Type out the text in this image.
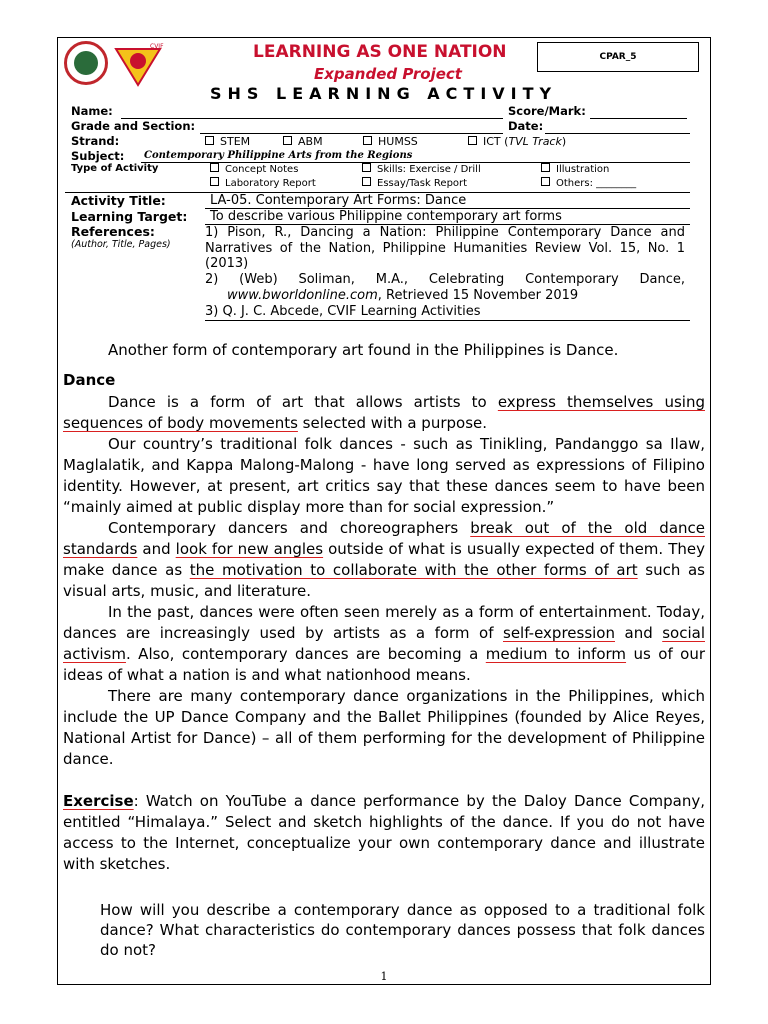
CVIF	LEARNING AS ONE NATION
Expanded Project
CPAR_5
SHS LEARNING ACTIVITY
Name:	Score/Mark:
Grade and Section:	Date:
Strand:	STEM	ABM	HUMSS	ICT (TVL Track)
Subject: Contemporary Philippine Arts from the Regions
Type of Activity	Concept Notes	Skills: Exercise / Drill	Illustration
Laboratory Report	Essay/Task Report	Others: ________
Activity Title:	LA-05. Contemporary Art Forms: Dance
Learning Target: To describe various Philippine contemporary art forms
References:
(Author, Title, Pages)
1) Pison, R., Dancing a Nation: Philippine Contemporary Dance and Narratives of the Nation, Philippine Humanities Review Vol. 15, No. 1 (2013)
2) (Web) Soliman, M.A., Celebrating Contemporary Dance,
www.bworldonline.com, Retrieved 15 November 2019
3) Q. J. C. Abcede, CVIF Learning Activities
Another form of contemporary art found in the Philippines is Dance.
Dance

Dance is a form of art that allows artists to express themselves using sequences of body movements selected with a purpose.

Our country’s traditional folk dances - such as Tinikling, Pandanggo sa Ilaw, Maglalatik, and Kappa Malong-Malong - have long served as expressions of Filipino identity. However, at present, art critics say that these dances seem to have been “mainly aimed at public display more than for social expression.”

Contemporary dancers and choreographers break out of the old dance standards and look for new angles outside of what is usually expected of them. They make dance as the motivation to collaborate with the other forms of art such as visual arts, music, and literature.

In the past, dances were often seen merely as a form of entertainment. Today, dances are increasingly used by artists as a form of self-expression and social activism. Also, contemporary dances are becoming a medium to inform us of our ideas of what a nation is and what nationhood means.

There are many contemporary dance organizations in the Philippines, which include the UP Dance Company and the Ballet Philippines (founded by Alice Reyes, National Artist for Dance) – all of them performing for the development of Philippine dance.

Exercise: Watch on YouTube a dance performance by the Daloy Dance Company, entitled “Himalaya.” Select and sketch highlights of the dance. If you do not have access to the Internet, conceptualize your own contemporary dance and illustrate with sketches.

How will you describe a contemporary dance as opposed to a traditional folk dance? What characteristics do contemporary dances possess that folk dances do not?
1
